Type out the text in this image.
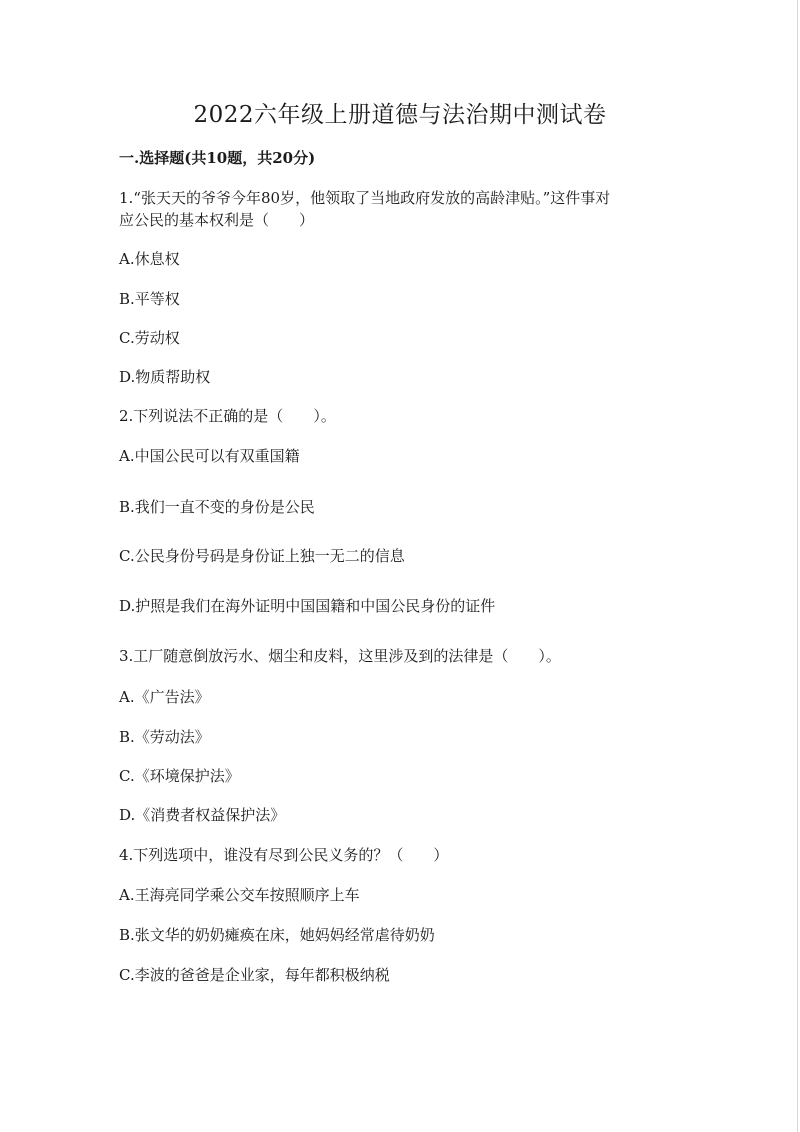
2022六年级上册道德与法治期中测试卷
一.选择题(共10题，共20分)
1.“张天天的爷爷今年80岁，他领取了当地政府发放的高龄津贴。”这件事对
应公民的基本权利是（　　）
A.休息权
B.平等权
C.劳动权
D.物质帮助权
2.下列说法不正确的是（　　）。
A.中国公民可以有双重国籍
B.我们一直不变的身份是公民
C.公民身份号码是身份证上独一无二的信息
D.护照是我们在海外证明中国国籍和中国公民身份的证件
3.工厂随意倒放污水、烟尘和皮料，这里涉及到的法律是（　　）。
A.《广告法》
B.《劳动法》
C.《环境保护法》
D.《消费者权益保护法》
4.下列选项中，谁没有尽到公民义务的？（　　）
A.王海亮同学乘公交车按照顺序上车
B.张文华的奶奶瘫痪在床，她妈妈经常虐待奶奶
C.李波的爸爸是企业家，每年都积极纳税
